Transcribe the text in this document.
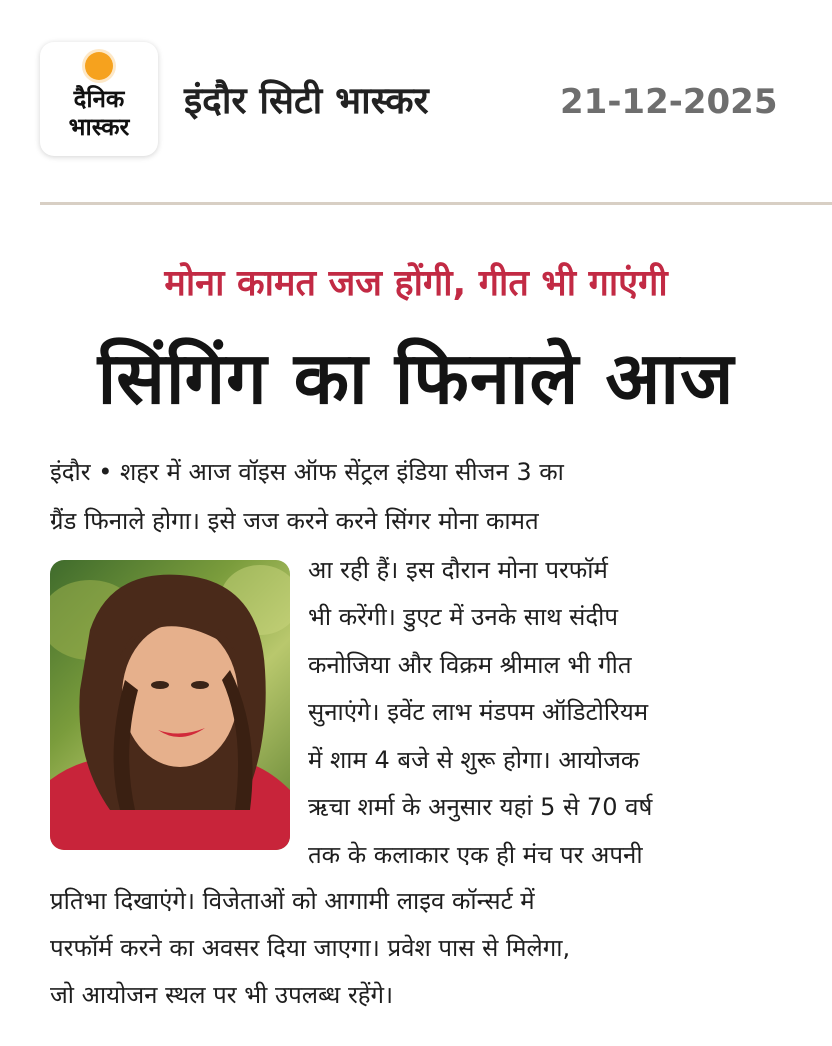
दैनिक
भास्कर
इंदौर सिटी भास्कर	21-12-2025
मोना कामत जज होंगी, गीत भी गाएंगी
सिंगिंग का फिनाले आज
इंदौर • शहर में आज वॉइस ऑफ सेंट्रल इंडिया सीजन 3 का
ग्रैंड फिनाले होगा। इसे जज करने करने सिंगर मोना कामत
आ रही हैं। इस दौरान मोना परफॉर्म
भी करेंगी। डुएट में उनके साथ संदीप
कनोजिया और विक्रम श्रीमाल भी गीत
सुनाएंगे। इवेंट लाभ मंडपम ऑडिटोरियम
में शाम 4 बजे से शुरू होगा। आयोजक
ऋचा शर्मा के अनुसार यहां 5 से 70 वर्ष
तक के कलाकार एक ही मंच पर अपनी
प्रतिभा दिखाएंगे। विजेताओं को आगामी लाइव कॉन्सर्ट में
परफॉर्म करने का अवसर दिया जाएगा। प्रवेश पास से मिलेगा,
जो आयोजन स्थल पर भी उपलब्ध रहेंगे।
